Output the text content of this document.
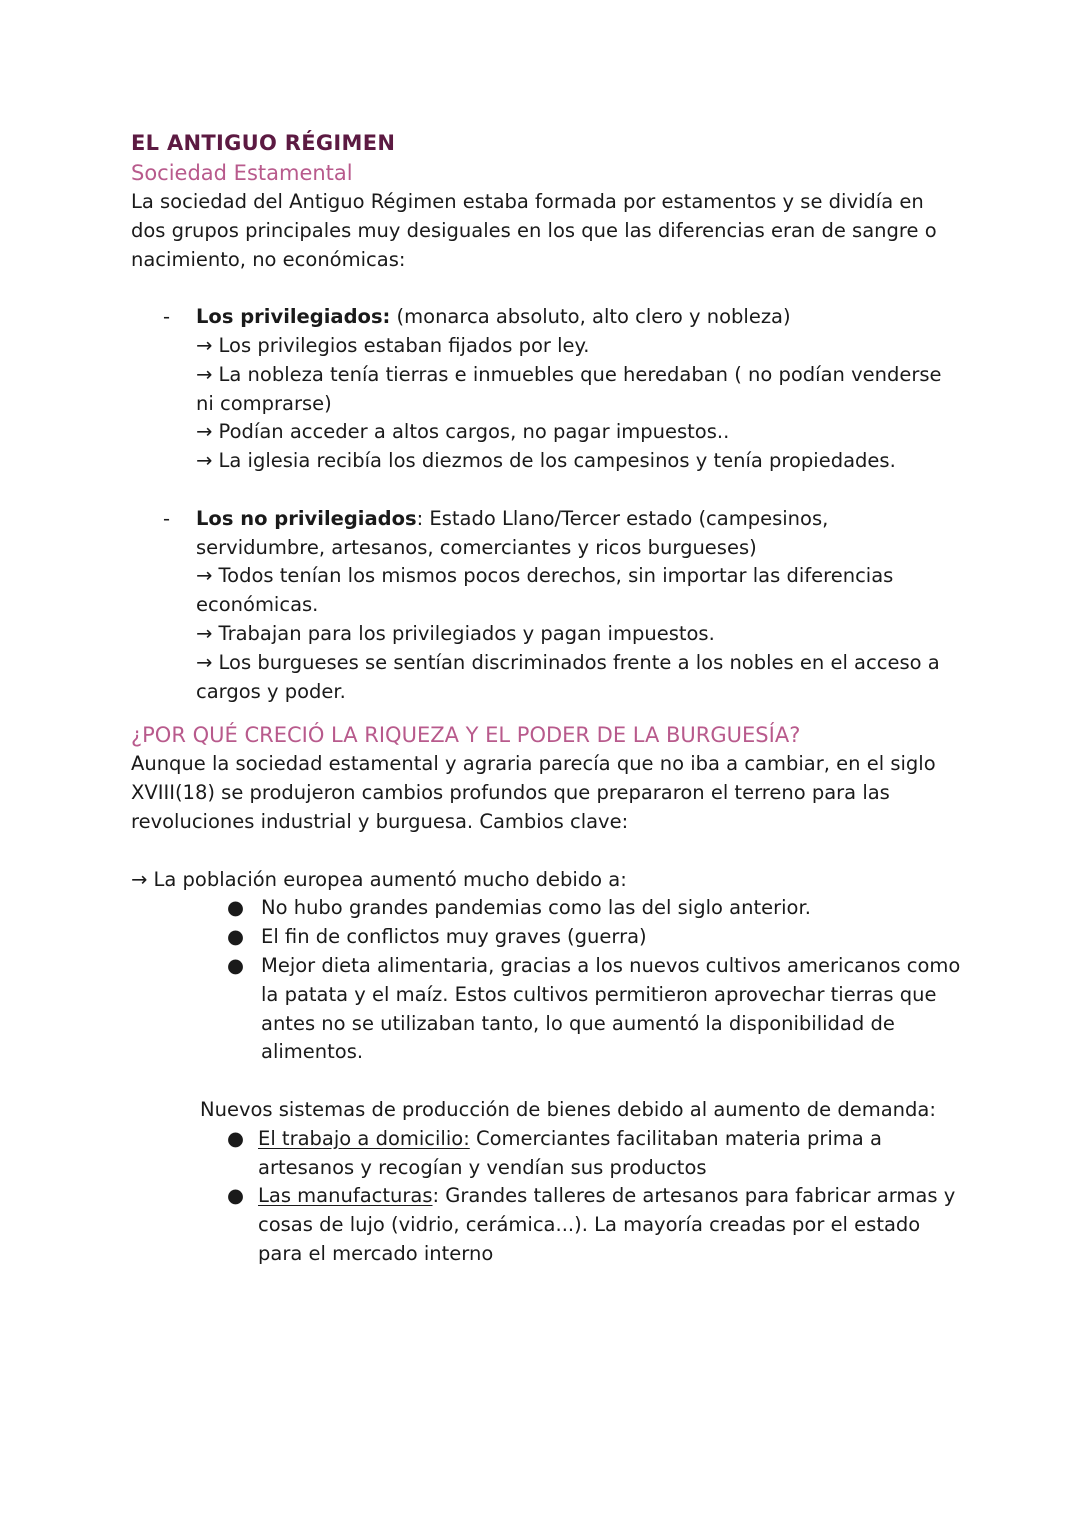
EL ANTIGUO RÉGIMEN
Sociedad Estamental

La sociedad del Antiguo Régimen estaba formada por estamentos y se dividía en dos grupos principales muy desiguales en los que las diferencias eran de sangre o nacimiento, no económicas:

- Los privilegiados: (monarca absoluto, alto clero y nobleza)
→ Los privilegios estaban fijados por ley.
→ La nobleza tenía tierras e inmuebles que heredaban ( no podían venderse ni comprarse)
→ Podían acceder a altos cargos, no pagar impuestos..
→ La iglesia recibía los diezmos de los campesinos y tenía propiedades.
- Los no privilegiados: Estado Llano/Tercer estado (campesinos, servidumbre, artesanos, comerciantes y ricos burgueses)
→ Todos tenían los mismos pocos derechos, sin importar las diferencias económicas.
→ Trabajan para los privilegiados y pagan impuestos.
→ Los burgueses se sentían discriminados frente a los nobles en el acceso a cargos y poder.
¿POR QUÉ CRECIÓ LA RIQUEZA Y EL PODER DE LA BURGUESÍA?

Aunque la sociedad estamental y agraria parecía que no iba a cambiar, en el siglo XVIII(18) se produjeron cambios profundos que prepararon el terreno para las revoluciones industrial y burguesa. Cambios clave:

→ La población europea aumentó mucho debido a:

● No hubo grandes pandemias como las del siglo anterior.
● El fin de conflictos muy graves (guerra)
● Mejor dieta alimentaria, gracias a los nuevos cultivos americanos como la patata y el maíz. Estos cultivos permitieron aprovechar tierras que antes no se utilizaban tanto, lo que aumentó la disponibilidad de alimentos.

Nuevos sistemas de producción de bienes debido al aumento de demanda:

● El trabajo a domicilio: Comerciantes facilitaban materia prima a artesanos y recogían y vendían sus productos
● Las manufacturas: Grandes talleres de artesanos para fabricar armas y cosas de lujo (vidrio, cerámica...). La mayoría creadas por el estado para el mercado interno
